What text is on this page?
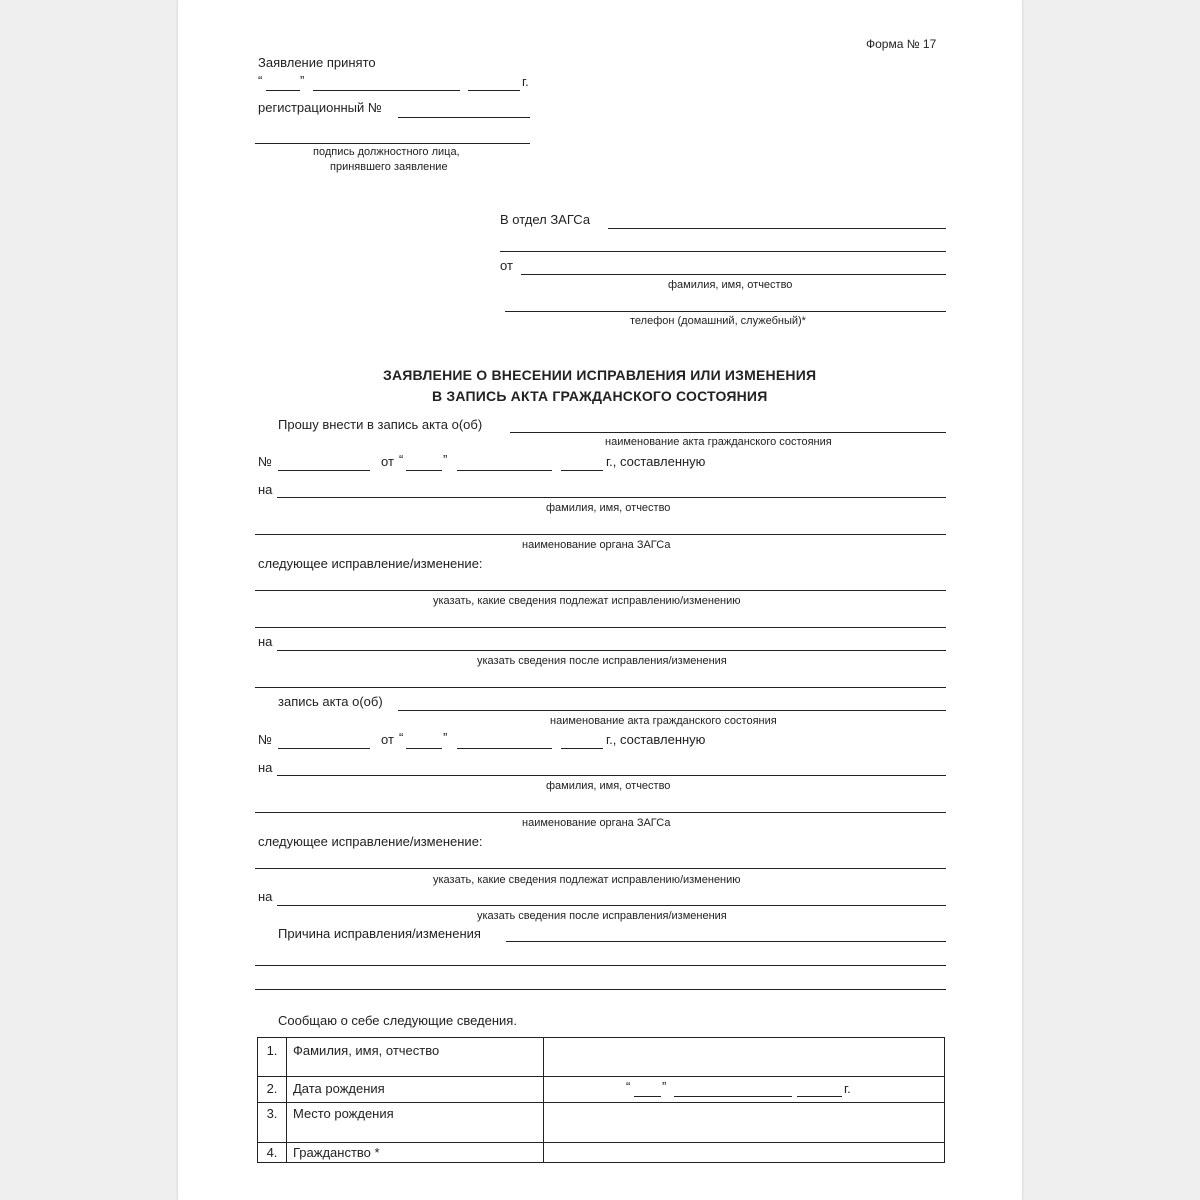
Форма № 17
Заявление принято
“	”	г.
регистрационный №
подпись должностного лица,
принявшего заявление
В отдел ЗАГСа
от
фамилия, имя, отчество
телефон (домашний, служебный)*
ЗАЯВЛЕНИЕ О ВНЕСЕНИИ ИСПРАВЛЕНИЯ ИЛИ ИЗМЕНЕНИЯ
В ЗАПИСЬ АКТА ГРАЖДАНСКОГО СОСТОЯНИЯ
Прошу внести в запись акта о(об)
наименование акта гражданского состояния
№	от “	”	г., составленную
на
фамилия, имя, отчество
наименование органа ЗАГСа
следующее исправление/изменение:
указать, какие сведения подлежат исправлению/изменению
на
указать сведения после исправления/изменения
запись акта о(об)
наименование акта гражданского состояния
№	от “	”	г., составленную
на
фамилия, имя, отчество
наименование органа ЗАГСа
следующее исправление/изменение:
указать, какие сведения подлежат исправлению/изменению
на
указать сведения после исправления/изменения
Причина исправления/изменения
Сообщаю о себе следующие сведения.
1.	Фамилия, имя, отчество	
2.	Дата рождения	“ ” г.

3.	Место рождения	
4.	Гражданство *	
